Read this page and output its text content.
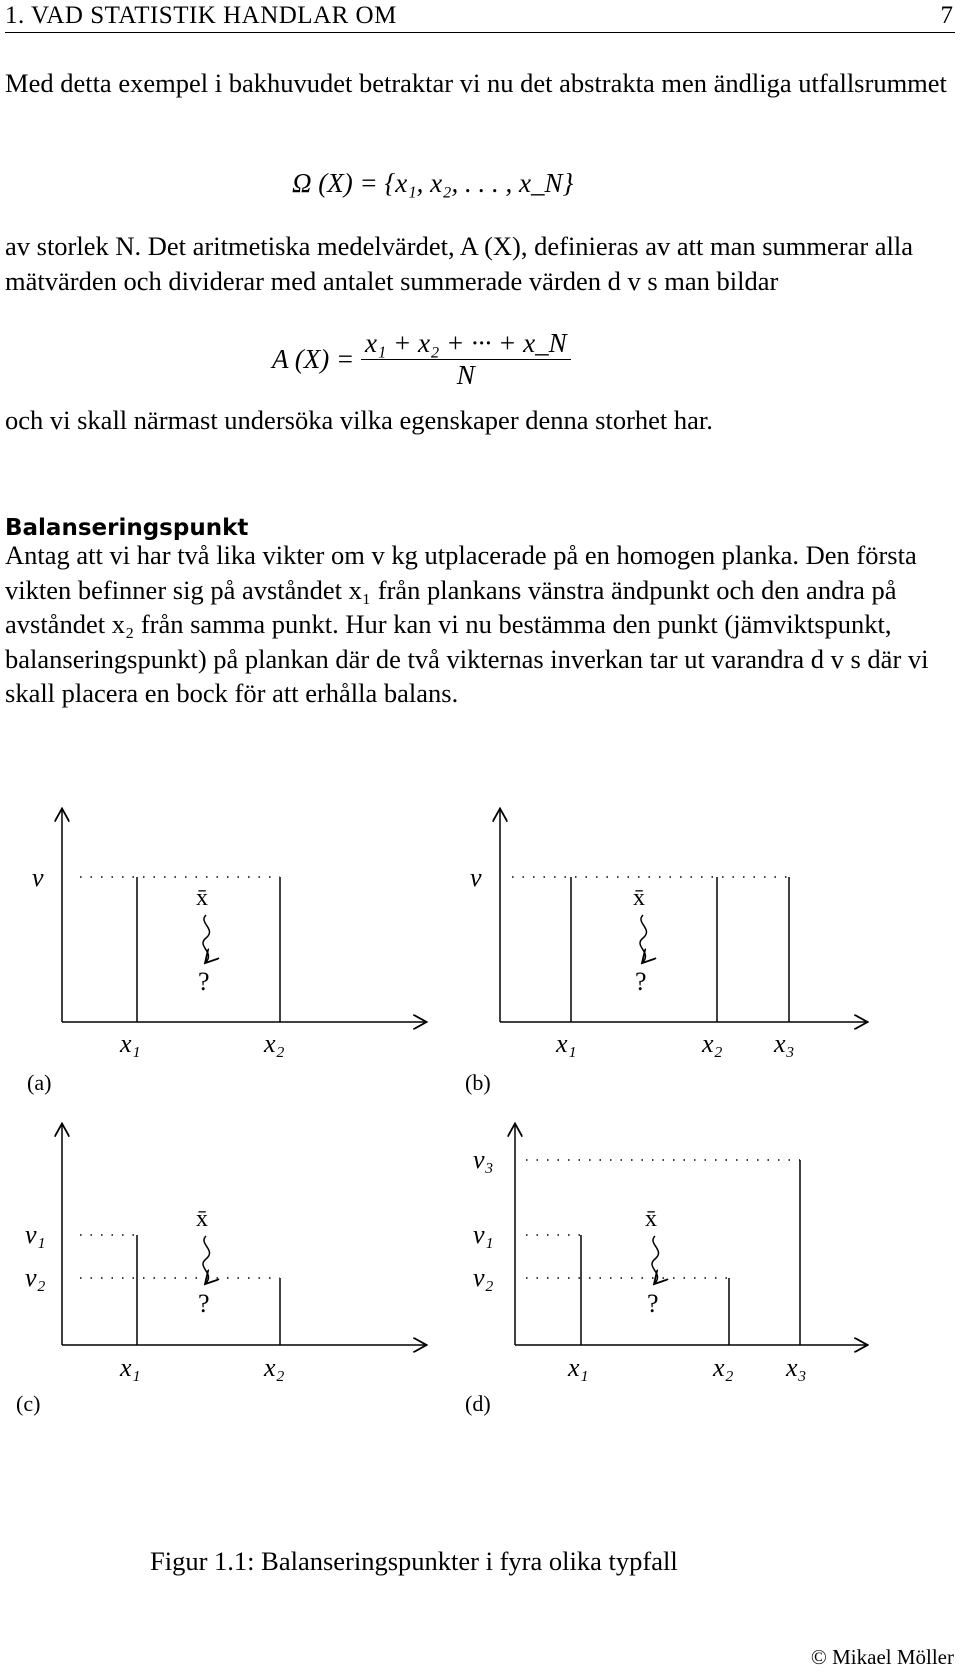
1. VAD STATISTIK HANDLAR OM	7

Med detta exempel i bakhuvudet betraktar vi nu det abstrakta men ändliga utfallsrummet

Ω (X) = {x₁, x₂, . . . , x_N}

av storlek N. Det aritmetiska medelvärdet, A (X), definieras av att man summerar alla mätvärden och dividerar med antalet summerade värden d v s man bildar

A $(X) = \frac{\text{x₁ + x₂ + ··· + x\_N}}{N}$

och vi skall närmast undersöka vilka egenskaper denna storhet har.

Balanseringspunkt

Antag att vi har två lika vikter om v kg utplacerade på en homogen planka. Den första vikten befinner sig på avståndet x₁ från plankans vänstra ändpunkt och den andra på avståndet x₂ från samma punkt. Hur kan vi nu bestämma den punkt (jämviktspunkt, balanseringspunkt) på plankan där de två vikternas inverkan tar ut varandra d v s där vi skall placera en bock för att erhålla balans.

v
x̄
?
x₁	x₂
(a)
v
x̄
?
x₁	x₂ x₃
(b)
v₁
v₂
x̄
?
x₁	x₂
(c)
v₃
v₁
v₂
x̄
?
x₁	x₂ x₃
(d)
Figur 1.1: Balanseringspunkter i fyra olika typfall
© Mikael Möller
